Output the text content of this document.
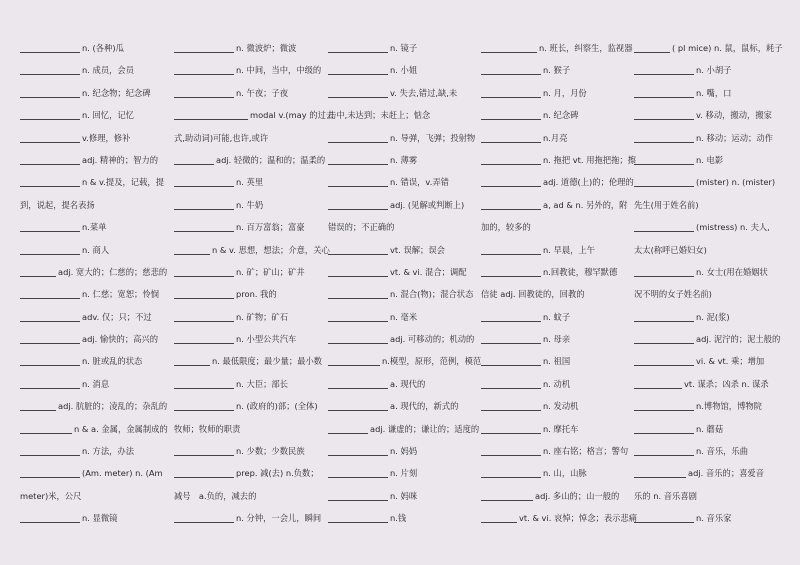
n. (各种)瓜
n. 成员，会员
n. 纪念物；纪念碑
n. 回忆，记忆
v.修理，修补
adj. 精神的；智力的
n & v.提及，记载，提
到，说起，提名表扬
n.菜单
n. 商人
adj. 宽大的；仁慈的；慈悲的
n. 仁慈；宽恕；怜悯
adv. 仅；只；不过
adj. 愉快的；高兴的
n. 脏或乱的状态
n. 消息
adj. 肮脏的；凌乱的；杂乱的
n & a. 金属，金属制成的
n. 方法，办法
(Am. meter) n. (Am
meter)米，公尺
n. 显微镜
n. 微波炉；微波
n. 中间，当中，中级的
n. 午夜；子夜
modal v.(may 的过去
式,助动词)可能,也许,或许
adj. 轻微的；温和的；温柔的
n. 英里
n. 牛奶
n. 百万富翁；富豪
n & v. 思想，想法；介意，关心
n. 矿；矿山；矿井
pron. 我的
n. 矿物；矿石
n. 小型公共汽车
n. 最低限度；最少量；最小数
n. 大臣；部长
n. (政府的)部；(全体)
牧师；牧师的职责
n. 少数；少数民族
prep. 减(去) n.负数；
减号　a.负的，减去的
n. 分钟，一会儿，瞬间
n. 镜子
n. 小姐
v. 失去,错过,缺,未
击中,未达到；未赶上；惦念
n. 导弹，飞弹；投射物
n. 薄雾
n. 错误，v.弄错
adj. (见解或判断上)
错误的；不正确的
vt. 误解；误会
vt. & vi. 混合；调配
n. 混合(物)；混合状态
n. 毫米
adj. 可移动的；机动的
n.模型，原形，范例，模范
a. 现代的
a. 现代的，新式的
adj. 谦虚的；谦让的；适度的
n. 妈妈
n. 片刻
n. 妈咪
n.钱
n. 班长，纠察生，监视器
n. 猴子
n. 月，月份
n. 纪念碑
n.月亮
n. 拖把 vt. 用拖把拖；擦
adj. 道德(上)的；伦理的
a, ad & n. 另外的，附
加的，较多的
n. 早晨，上午
n.回教徒，穆罕默德
信徒 adj. 回教徒的，回教的
n. 蚊子
n. 母亲
n. 祖国
n. 动机
n. 发动机
n. 摩托车
n. 座右铭；格言；警句
n. 山，山脉
adj. 多山的；山一般的
vt. & vi. 哀悼；悼念；表示悲痛
( pl mice) n. 鼠，鼠标，耗子
n. 小胡子
n. 嘴，口
v. 移动，搬动，搬家
n. 移动；运动；动作
n. 电影
(mister) n. (mister)
先生(用于姓名前)
(mistress) n. 夫人,
太太(称呼已婚妇女)
n. 女士(用在婚姻状
况不明的女子姓名前)
n. 泥(浆)
adj. 泥泞的；泥土般的
vi. & vt. 乘；增加
vt. 谋杀；凶杀 n. 谋杀
n.博物馆，博物院
n. 蘑菇
n. 音乐，乐曲
adj. 音乐的；喜爱音
乐的 n. 音乐喜剧
n. 音乐家
